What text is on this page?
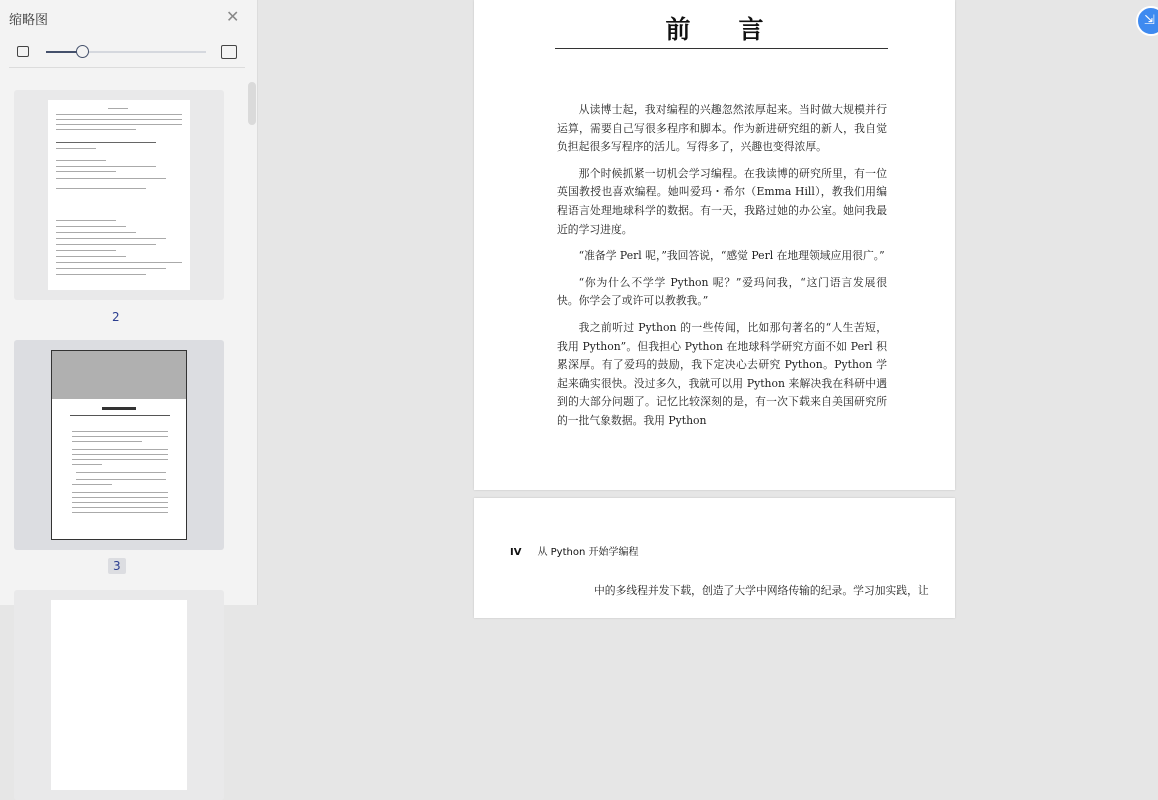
缩略图	✕
2
3
前言

从读博士起，我对编程的兴趣忽然浓厚起来。当时做大规模并行运算，需要自己写很多程序和脚本。作为新进研究组的新人，我自觉负担起很多写程序的活儿。写得多了，兴趣也变得浓厚。

那个时候抓紧一切机会学习编程。在我读博的研究所里，有一位英国教授也喜欢编程。她叫爱玛・希尔（Emma Hill），教我们用编程语言处理地球科学的数据。有一天，我路过她的办公室。她问我最近的学习进度。

“准备学 Perl 呢，”我回答说，“感觉 Perl 在地理领域应用很广。”

“你为什么不学学 Python 呢？”爱玛问我，“这门语言发展很快。你学会了或许可以教教我。”

我之前听过 Python 的一些传闻，比如那句著名的“人生苦短，我用 Python”。但我担心 Python 在地球科学研究方面不如 Perl 积累深厚。有了爱玛的鼓励，我下定决心去研究 Python。Python 学起来确实很快。没过多久，我就可以用 Python 来解决我在科研中遇到的大部分问题了。记忆比较深刻的是，有一次下载来自美国研究所的一批气象数据。我用 Python

IV 从 Python 开始学编程
中的多线程并发下载，创造了大学中网络传输的纪录。学习加实践，让
⇲
